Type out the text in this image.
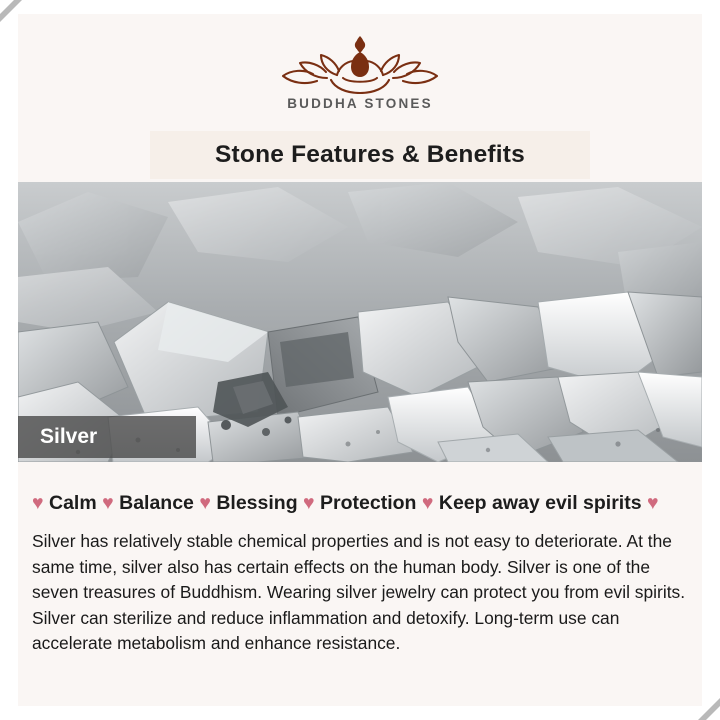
BUDDHA STONES
Stone Features & Benefits
Silver
♥ Calm ♥ Balance ♥ Blessing ♥ Protection ♥ Keep away evil spirits ♥

Silver has relatively stable chemical properties and is not easy to deteriorate. At the same time, silver also has certain effects on the human body. Silver is one of the seven treasures of Buddhism. Wearing silver jewelry can protect you from evil spirits. Silver can sterilize and reduce inflammation and detoxify. Long-term use can accelerate metabolism and enhance resistance.
